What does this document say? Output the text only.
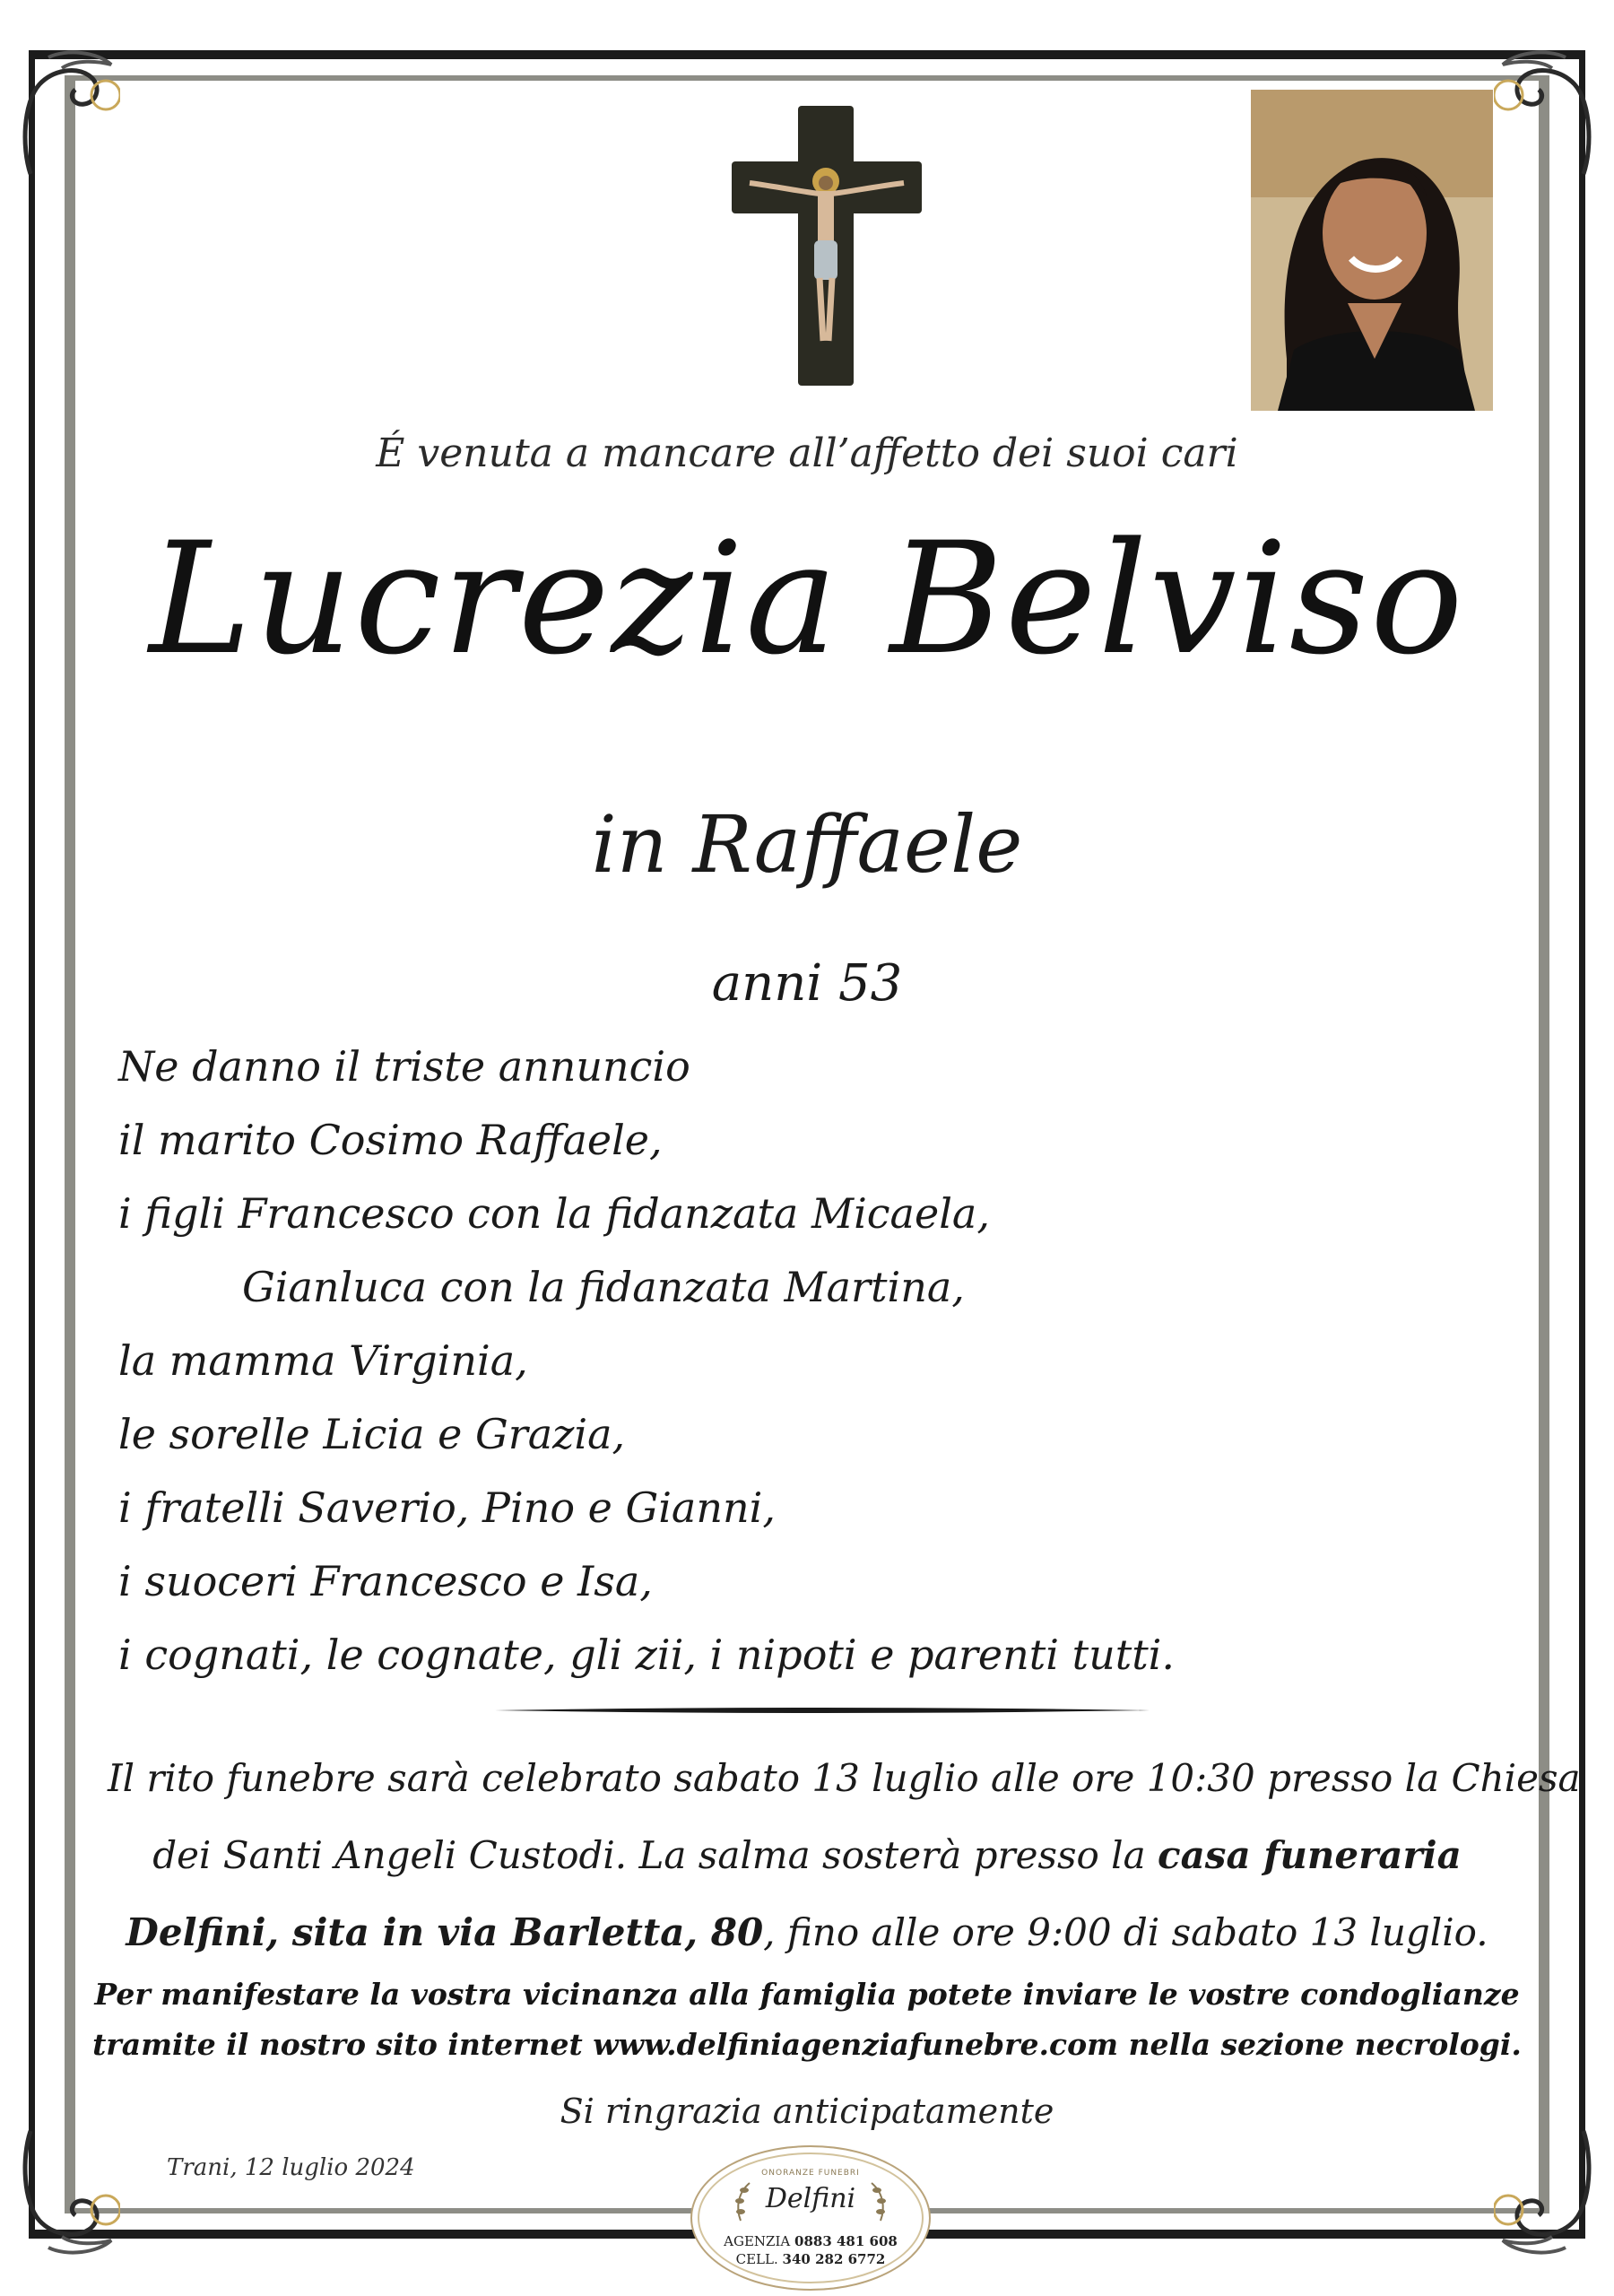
É venuta a mancare all’affetto dei suoi cari
Lucrezia Belviso
in Raffaele
anni 53
Ne danno il triste annuncio
il marito Cosimo Raffaele,
i figli Francesco con la fidanzata Micaela,
Gianluca con la fidanzata Martina,
la mamma Virginia,
le sorelle Licia e Grazia,
i fratelli Saverio, Pino e Gianni,
i suoceri Francesco e Isa,
i cognati, le cognate, gli zii, i nipoti e parenti tutti.
Il rito funebre sarà celebrato sabato 13 luglio alle ore 10:30 presso la Chiesa
dei Santi Angeli Custodi. La salma sosterà presso la casa funeraria
Delfini, sita in via Barletta, 80, fino alle ore 9:00 di sabato 13 luglio.
Per manifestare la vostra vicinanza alla famiglia potete inviare le vostre condoglianze
tramite il nostro sito internet www.delfiniagenziafunebre.com nella sezione necrologi.
Si ringrazia anticipatamente
Trani, 12 luglio 2024	ONORANZE FUNEBRI
Delfini
AGENZIA 0883 481 608
CELL. 340 282 6772
